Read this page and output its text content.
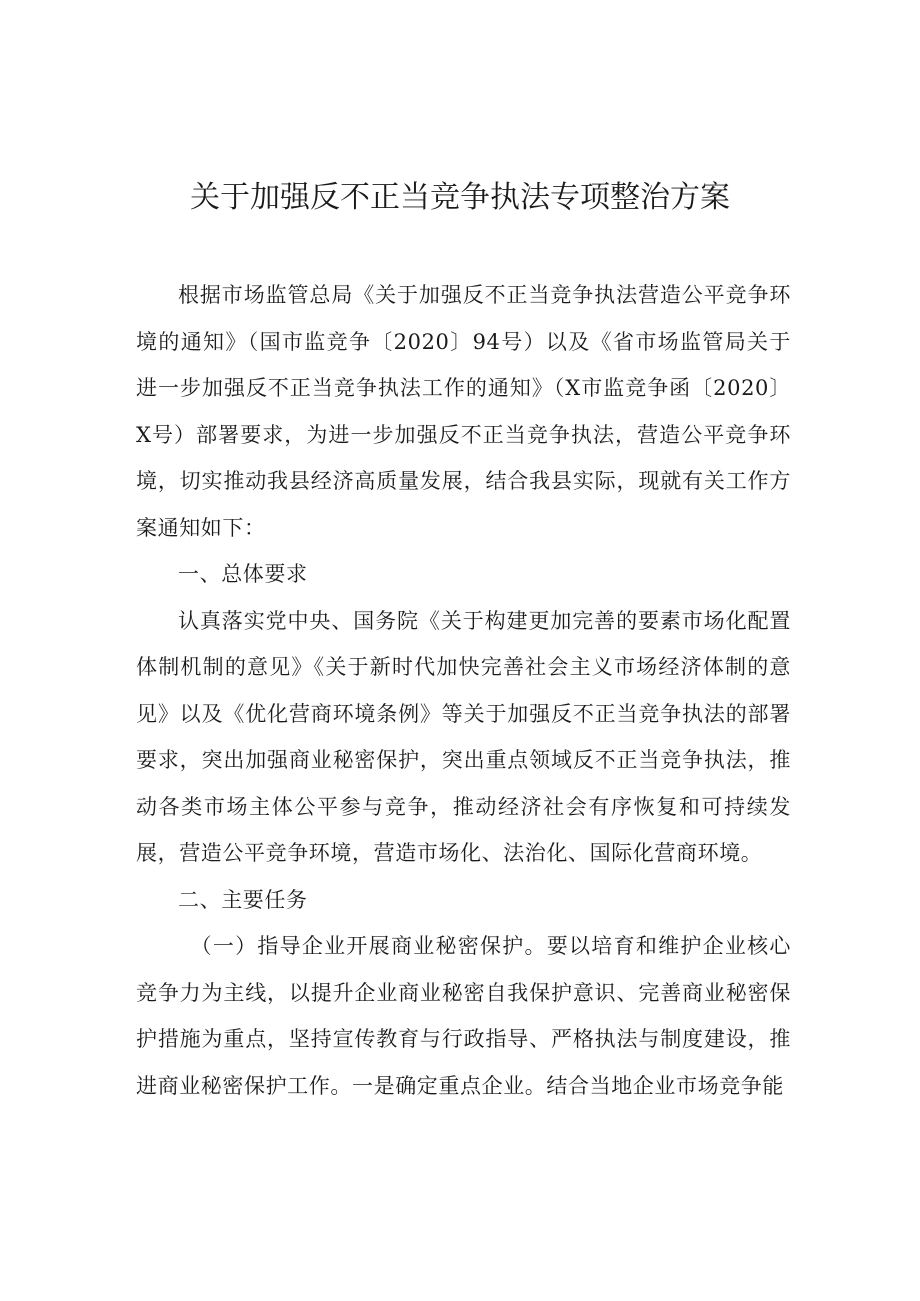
关于加强反不正当竞争执法专项整治方案

根据市场监管总局《关于加强反不正当竞争执法营造公平竞争环境的通知》（国市监竞争〔2020〕94号）以及《省市场监管局关于进一步加强反不正当竞争执法工作的通知》（X市监竞争函〔2020〕X号）部署要求，为进一步加强反不正当竞争执法，营造公平竞争环境，切实推动我县经济高质量发展，结合我县实际，现就有关工作方案通知如下：

一、总体要求

认真落实党中央、国务院《关于构建更加完善的要素市场化配置体制机制的意见》《关于新时代加快完善社会主义市场经济体制的意见》以及《优化营商环境条例》等关于加强反不正当竞争执法的部署要求，突出加强商业秘密保护，突出重点领域反不正当竞争执法，推动各类市场主体公平参与竞争，推动经济社会有序恢复和可持续发展，营造公平竞争环境，营造市场化、法治化、国际化营商环境。

二、主要任务

（一）指导企业开展商业秘密保护。要以培育和维护企业核心竞争力为主线，以提升企业商业秘密自我保护意识、完善商业秘密保护措施为重点，坚持宣传教育与行政指导、严格执法与制度建设，推进商业秘密保护工作。一是确定重点企业。结合当地企业市场竞争能
